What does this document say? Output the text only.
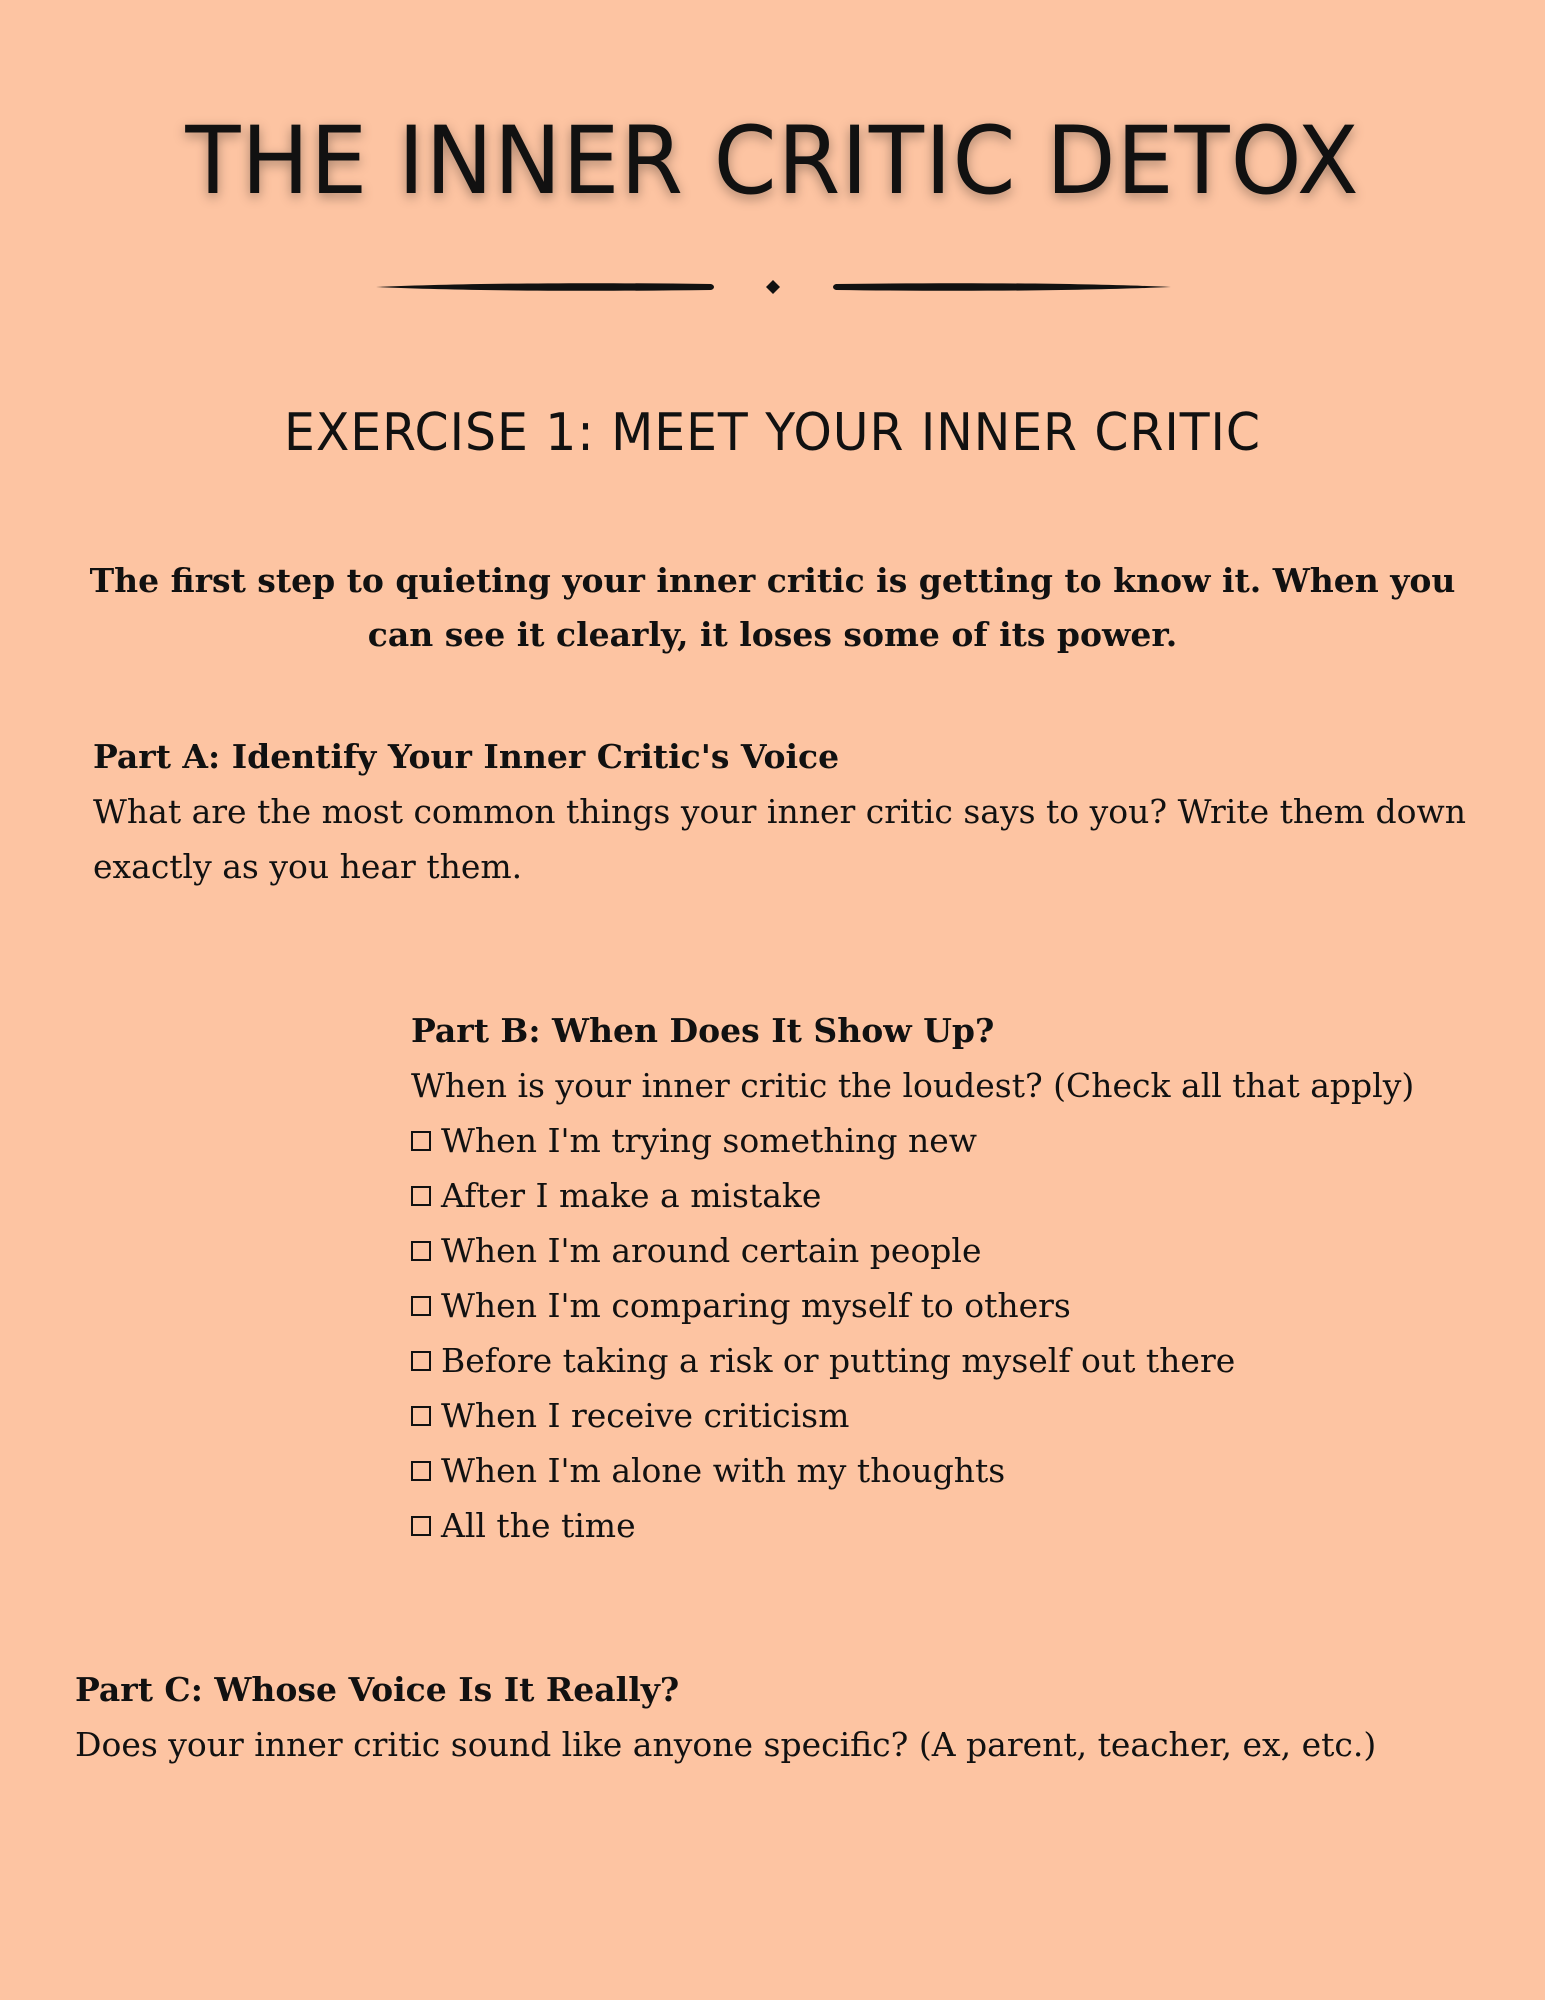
THE INNER CRITIC DETOX
EXERCISE 1: MEET YOUR INNER CRITIC

The first step to quieting your inner critic is getting to know it. When you can see it clearly, it loses some of its power.

Part A: Identify Your Inner Critic's Voice

What are the most common things your inner critic says to you? Write them down exactly as you hear them.

Part B: When Does It Show Up?

When is your inner critic the loudest? (Check all that apply)

When I'm trying something new
After I make a mistake
When I'm around certain people
When I'm comparing myself to others
Before taking a risk or putting myself out there
When I receive criticism
When I'm alone with my thoughts
All the time
Part C: Whose Voice Is It Really?

Does your inner critic sound like anyone specific? (A parent, teacher, ex, etc.)
